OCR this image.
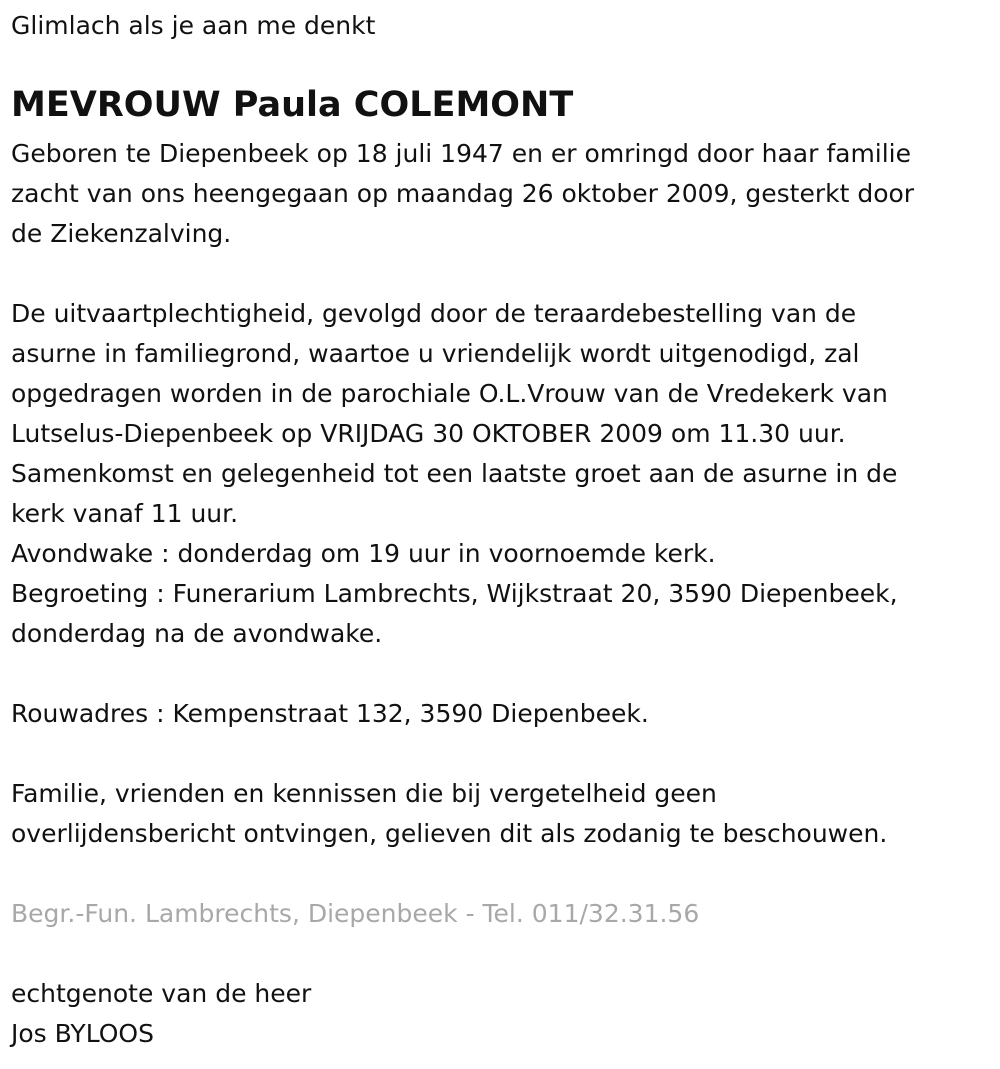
Glimlach als je aan me denkt
MEVROUW Paula COLEMONT
Geboren te Diepenbeek op 18 juli 1947 en er omringd door haar familie
zacht van ons heengegaan op maandag 26 oktober 2009, gesterkt door
de Ziekenzalving.
De uitvaartplechtigheid, gevolgd door de teraardebestelling van de
asurne in familiegrond, waartoe u vriendelijk wordt uitgenodigd, zal
opgedragen worden in de parochiale O.L.Vrouw van de Vredekerk van
Lutselus-Diepenbeek op VRIJDAG 30 OKTOBER 2009 om 11.30 uur.
Samenkomst en gelegenheid tot een laatste groet aan de asurne in de
kerk vanaf 11 uur.
Avondwake : donderdag om 19 uur in voornoemde kerk.
Begroeting : Funerarium Lambrechts, Wijkstraat 20, 3590 Diepenbeek,
donderdag na de avondwake.
Rouwadres : Kempenstraat 132, 3590 Diepenbeek.
Familie, vrienden en kennissen die bij vergetelheid geen
overlijdensbericht ontvingen, gelieven dit als zodanig te beschouwen.
Begr.-Fun. Lambrechts, Diepenbeek - Tel. 011/32.31.56
echtgenote van de heer
Jos BYLOOS
